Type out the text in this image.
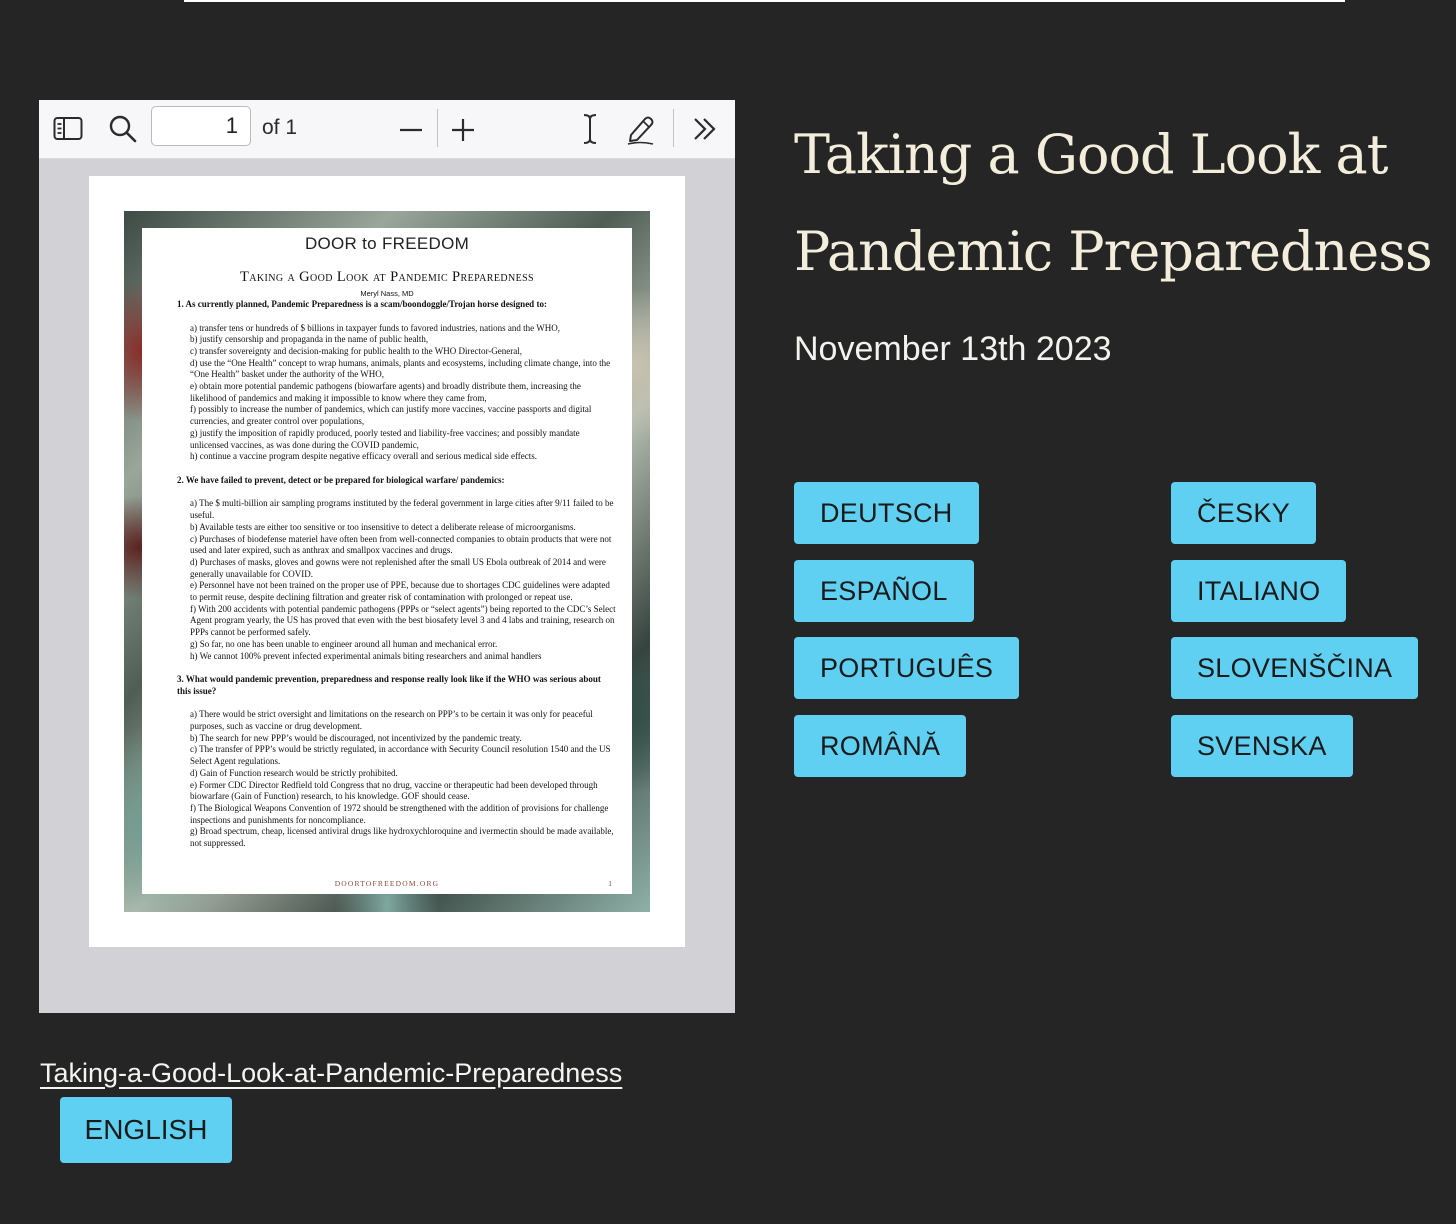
1
of 1
DOOR to FREEDOM
Taking a Good Look at Pandemic Preparedness
Meryl Nass, MD
1. As currently planned, Pandemic Preparedness is a scam/boondoggle/Trojan horse designed to:
a) transfer tens or hundreds of $ billions in taxpayer funds to favored industries, nations and the WHO,
b) justify censorship and propaganda in the name of public health,
c) transfer sovereignty and decision-making for public health to the WHO Director-General,
d) use the “One Health” concept to wrap humans, animals, plants and ecosystems, including climate change, into the “One Health” basket under the authority of the WHO,
e) obtain more potential pandemic pathogens (biowarfare agents) and broadly distribute them, increasing the likelihood of pandemics and making it impossible to know where they came from,
f) possibly to increase the number of pandemics, which can justify more vaccines, vaccine passports and digital currencies, and greater control over populations,
g) justify the imposition of rapidly produced, poorly tested and liability-free vaccines; and possibly mandate unlicensed vaccines, as was done during the COVID pandemic,
h) continue a vaccine program despite negative efficacy overall and serious medical side effects.
2. We have failed to prevent, detect or be prepared for biological warfare/ pandemics:
a) The $ multi-billion air sampling programs instituted by the federal government in large cities after 9/11 failed to be useful.
b) Available tests are either too sensitive or too insensitive to detect a deliberate release of microorganisms.
c) Purchases of biodefense materiel have often been from well-connected companies to obtain products that were not used and later expired, such as anthrax and smallpox vaccines and drugs.
d) Purchases of masks, gloves and gowns were not replenished after the small US Ebola outbreak of 2014 and were generally unavailable for COVID.
e) Personnel have not been trained on the proper use of PPE, because due to shortages CDC guidelines were adapted to permit reuse, despite declining filtration and greater risk of contamination with prolonged or repeat use.
f) With 200 accidents with potential pandemic pathogens (PPPs or “select agents”) being reported to the CDC’s Select Agent program yearly, the US has proved that even with the best biosafety level 3 and 4 labs and training, research on PPPs cannot be performed safely.
g) So far, no one has been unable to engineer around all human and mechanical error.
h) We cannot 100% prevent infected experimental animals biting researchers and animal handlers
3. What would pandemic prevention, preparedness and response really look like if the WHO was serious about this issue?
a) There would be strict oversight and limitations on the research on PPP’s to be certain it was only for peaceful purposes, such as vaccine or drug development.
b) The search for new PPP’s would be discouraged, not incentivized by the pandemic treaty.
c) The transfer of PPP’s would be strictly regulated, in accordance with Security Council resolution 1540 and the US Select Agent regulations.
d) Gain of Function research would be strictly prohibited.
e) Former CDC Director Redfield told Congress that no drug, vaccine or therapeutic had been developed through biowarfare (Gain of Function) research, to his knowledge. GOF should cease.
f) The Biological Weapons Convention of 1972 should be strengthened with the addition of provisions for challenge inspections and punishments for noncompliance.
g) Broad spectrum, cheap, licensed antiviral drugs like hydroxychloroquine and ivermectin should be made available, not suppressed.
DOORTOFREEDOM.ORG	1
Taking a Good Look at Pandemic Preparedness
November 13th 2023
DEUTSCH
ESPAÑOL
PORTUGUÊS
ROMÂNĂ
ČESKY
ITALIANO
SLOVENŠČINA
SVENSKA
Taking-a-Good-Look-at-Pandemic-Preparedness
ENGLISH
